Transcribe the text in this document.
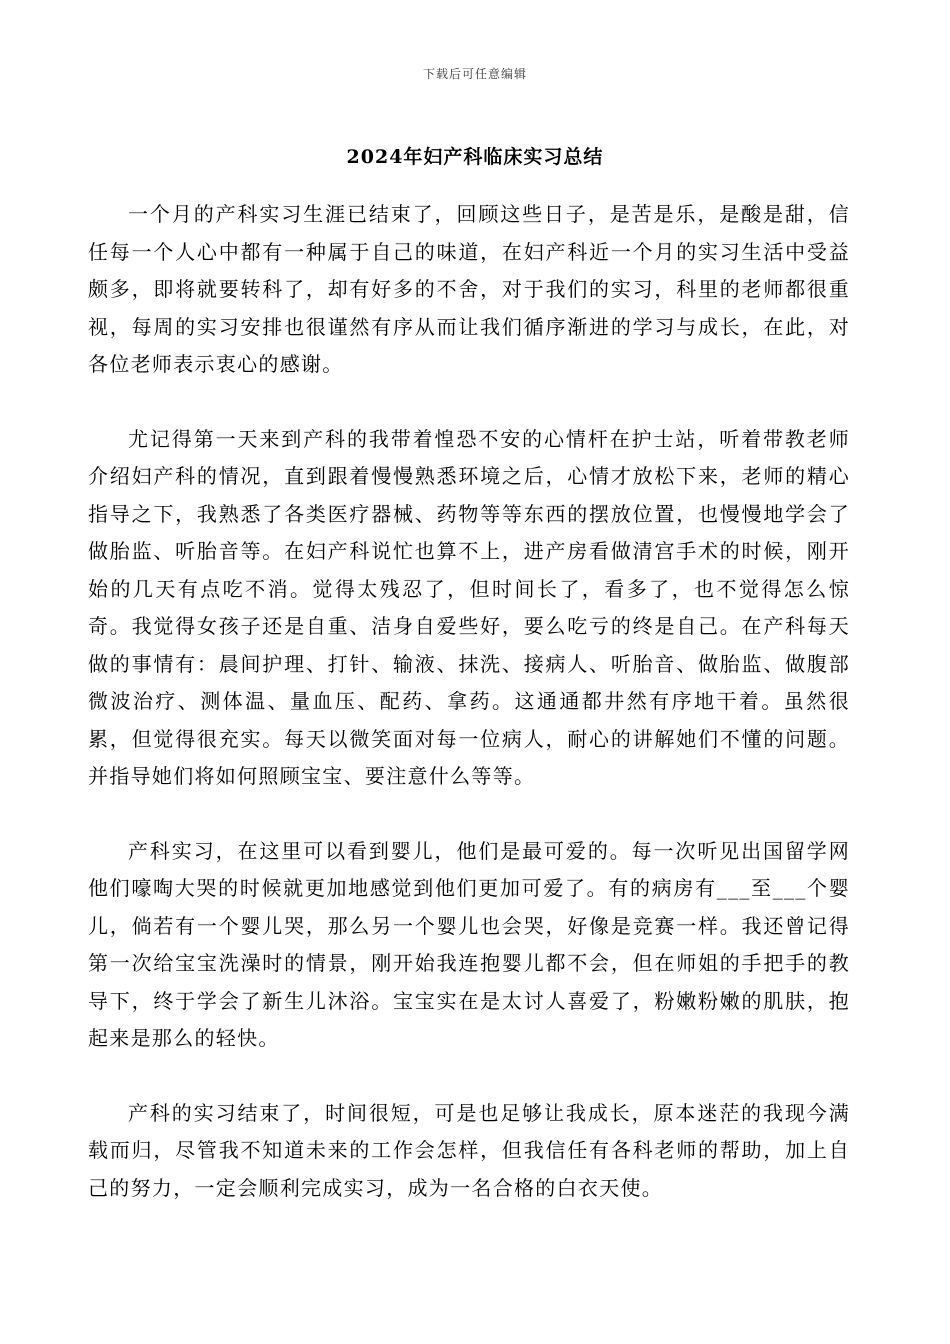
下载后可任意编辑
2024年妇产科临床实习总结

一个月的产科实习生涯已结束了，回顾这些日子，是苦是乐，是酸是甜，信任每一个人心中都有一种属于自己的味道，在妇产科近一个月的实习生活中受益颇多，即将就要转科了，却有好多的不舍，对于我们的实习，科里的老师都很重视，每周的实习安排也很谨然有序从而让我们循序渐进的学习与成长，在此，对各位老师表示衷心的感谢。

尤记得第一天来到产科的我带着惶恐不安的心情杆在护士站，听着带教老师介绍妇产科的情况，直到跟着慢慢熟悉环境之后，心情才放松下来，老师的精心指导之下，我熟悉了各类医疗器械、药物等等东西的摆放位置，也慢慢地学会了做胎监、听胎音等。在妇产科说忙也算不上，进产房看做清宫手术的时候，刚开始的几天有点吃不消。觉得太残忍了，但时间长了，看多了，也不觉得怎么惊奇。我觉得女孩子还是自重、洁身自爱些好，要么吃亏的终是自己。在产科每天做的事情有：晨间护理、打针、输液、抹洗、接病人、听胎音、做胎监、做腹部微波治疗、测体温、量血压、配药、拿药。这通通都井然有序地干着。虽然很累，但觉得很充实。每天以微笑面对每一位病人，耐心的讲解她们不懂的问题。并指导她们将如何照顾宝宝、要注意什么等等。

产科实习，在这里可以看到婴儿，他们是最可爱的。每一次听见出国留学网他们嚎啕大哭的时候就更加地感觉到他们更加可爱了。有的病房有___至___个婴儿，倘若有一个婴儿哭，那么另一个婴儿也会哭，好像是竞赛一样。我还曾记得第一次给宝宝洗澡时的情景，刚开始我连抱婴儿都不会，但在师姐的手把手的教导下，终于学会了新生儿沐浴。宝宝实在是太讨人喜爱了，粉嫩粉嫩的肌肤，抱起来是那么的轻快。

产科的实习结束了，时间很短，可是也足够让我成长，原本迷茫的我现今满载而归，尽管我不知道未来的工作会怎样，但我信任有各科老师的帮助，加上自己的努力，一定会顺利完成实习，成为一名合格的白衣天使。
